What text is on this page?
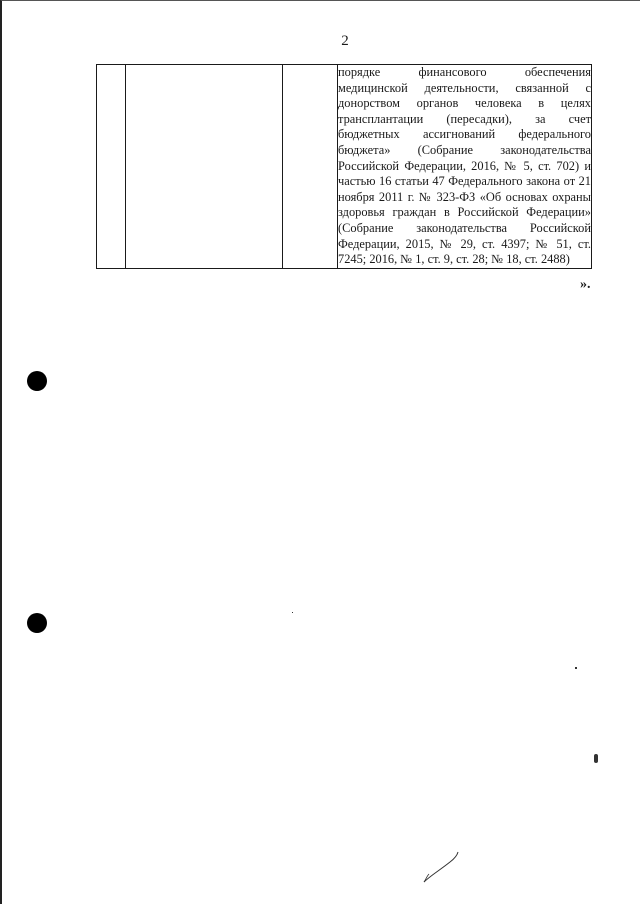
2
			порядке финансового обеспечения медицинской деятельности, связанной с донорством органов человека в целях трансплантации (пересадки), за счет бюджетных ассигнований федерального бюджета» (Собрание законодательства Российской Федерации, 2016, № 5, ст. 702) и частью 16 статьи 47 Федерального закона от 21 ноября 2011 г. № 323-ФЗ «Об основах охраны здоровья граждан в Российской Федерации» (Собрание законодательства Российской Федерации, 2015, № 29, ст. 4397; № 51, ст. 7245; 2016, № 1, ст. 9, ст. 28; № 18, ст. 2488)
».
